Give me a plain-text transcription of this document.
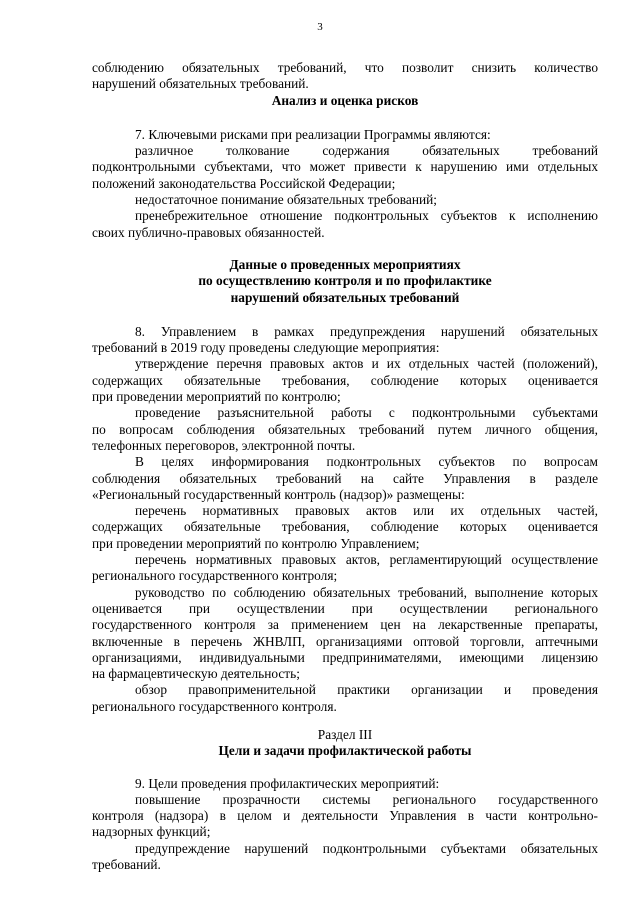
3

соблюдению обязательных требований, что позволит снизить количество
нарушений обязательных требований.

Анализ и оценка рисков

7. Ключевыми рисками при реализации Программы являются:

различное толкование содержания обязательных требований
подконтрольными субъектами, что может привести к нарушению ими отдельных
положений законодательства Российской Федерации;

недостаточное понимание обязательных требований;

пренебрежительное отношение подконтрольных субъектов к исполнению
своих публично-правовых обязанностей.

Данные о проведенных мероприятиях
по осуществлению контроля и по профилактике
нарушений обязательных требований

8. Управлением в рамках предупреждения нарушений обязательных
требований в 2019 году проведены следующие мероприятия:

утверждение перечня правовых актов и их отдельных частей (положений),
содержащих обязательные требования, соблюдение которых оценивается
при проведении мероприятий по контролю;

проведение разъяснительной работы с подконтрольными субъектами
по вопросам соблюдения обязательных требований путем личного общения,
телефонных переговоров, электронной почты.

В целях информирования подконтрольных субъектов по вопросам
соблюдения обязательных требований на сайте Управления в разделе
«Региональный государственный контроль (надзор)» размещены:

перечень нормативных правовых актов или их отдельных частей,
содержащих обязательные требования, соблюдение которых оценивается
при проведении мероприятий по контролю Управлением;

перечень нормативных правовых актов, регламентирующий осуществление
регионального государственного контроля;

руководство по соблюдению обязательных требований, выполнение которых
оценивается при осуществлении при осуществлении регионального
государственного контроля за применением цен на лекарственные препараты,
включенные в перечень ЖНВЛП, организациями оптовой торговли, аптечными
организациями, индивидуальными предпринимателями, имеющими лицензию
на фармацевтическую деятельность;

обзор правоприменительной практики организации и проведения
регионального государственного контроля.

Раздел III

Цели и задачи профилактической работы

9. Цели проведения профилактических мероприятий:

повышение прозрачности системы регионального государственного
контроля (надзора) в целом и деятельности Управления в части контрольно-
надзорных функций;

предупреждение нарушений подконтрольными субъектами обязательных
требований.
